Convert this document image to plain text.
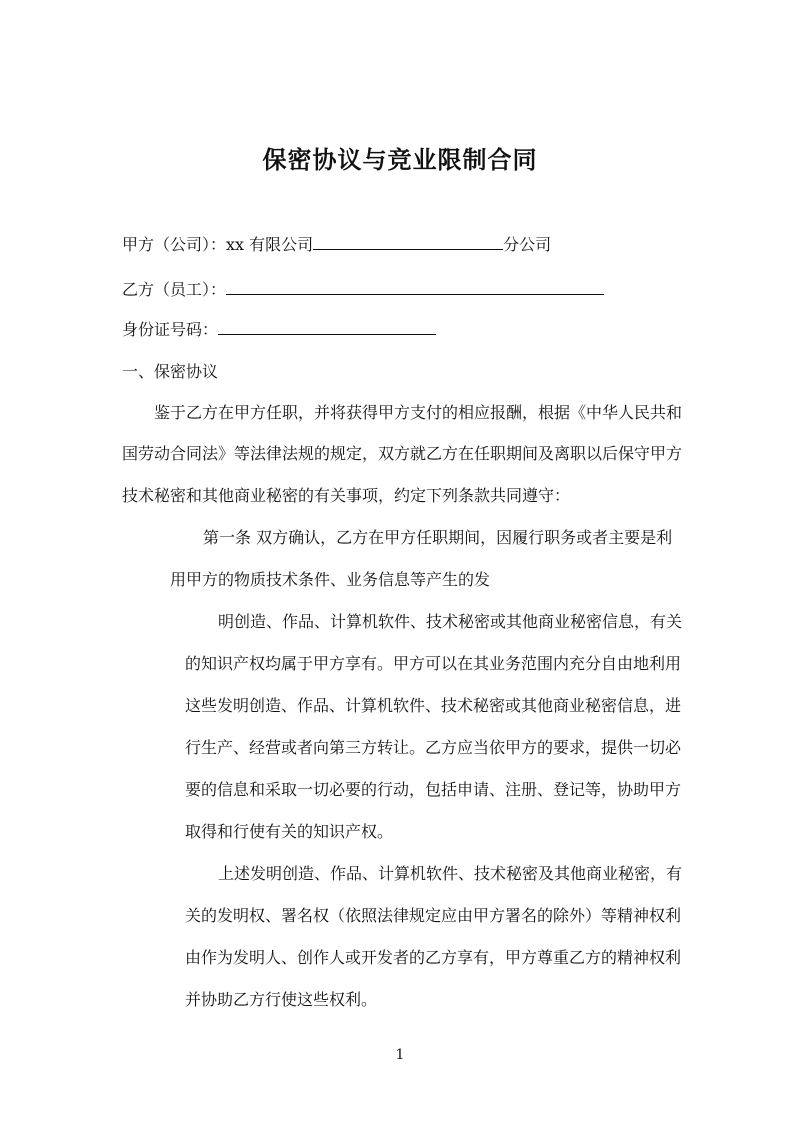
保密协议与竞业限制合同
甲方（公司）：xx 有限公司	分公司
乙方（员工）：
身份证号码：
一、保密协议
鉴于乙方在甲方任职，并将获得甲方支付的相应报酬，根据《中华人民共和
国劳动合同法》等法律法规的规定，双方就乙方在任职期间及离职以后保守甲方
技术秘密和其他商业秘密的有关事项，约定下列条款共同遵守：
第一条 双方确认，乙方在甲方任职期间，因履行职务或者主要是利
用甲方的物质技术条件、业务信息等产生的发
明创造、作品、计算机软件、技术秘密或其他商业秘密信息，有关
的知识产权均属于甲方享有。甲方可以在其业务范围内充分自由地利用
这些发明创造、作品、计算机软件、技术秘密或其他商业秘密信息，进
行生产、经营或者向第三方转让。乙方应当依甲方的要求，提供一切必
要的信息和采取一切必要的行动，包括申请、注册、登记等，协助甲方
取得和行使有关的知识产权。
上述发明创造、作品、计算机软件、技术秘密及其他商业秘密，有
关的发明权、署名权（依照法律规定应由甲方署名的除外）等精神权利
由作为发明人、创作人或开发者的乙方享有，甲方尊重乙方的精神权利
并协助乙方行使这些权利。
1
